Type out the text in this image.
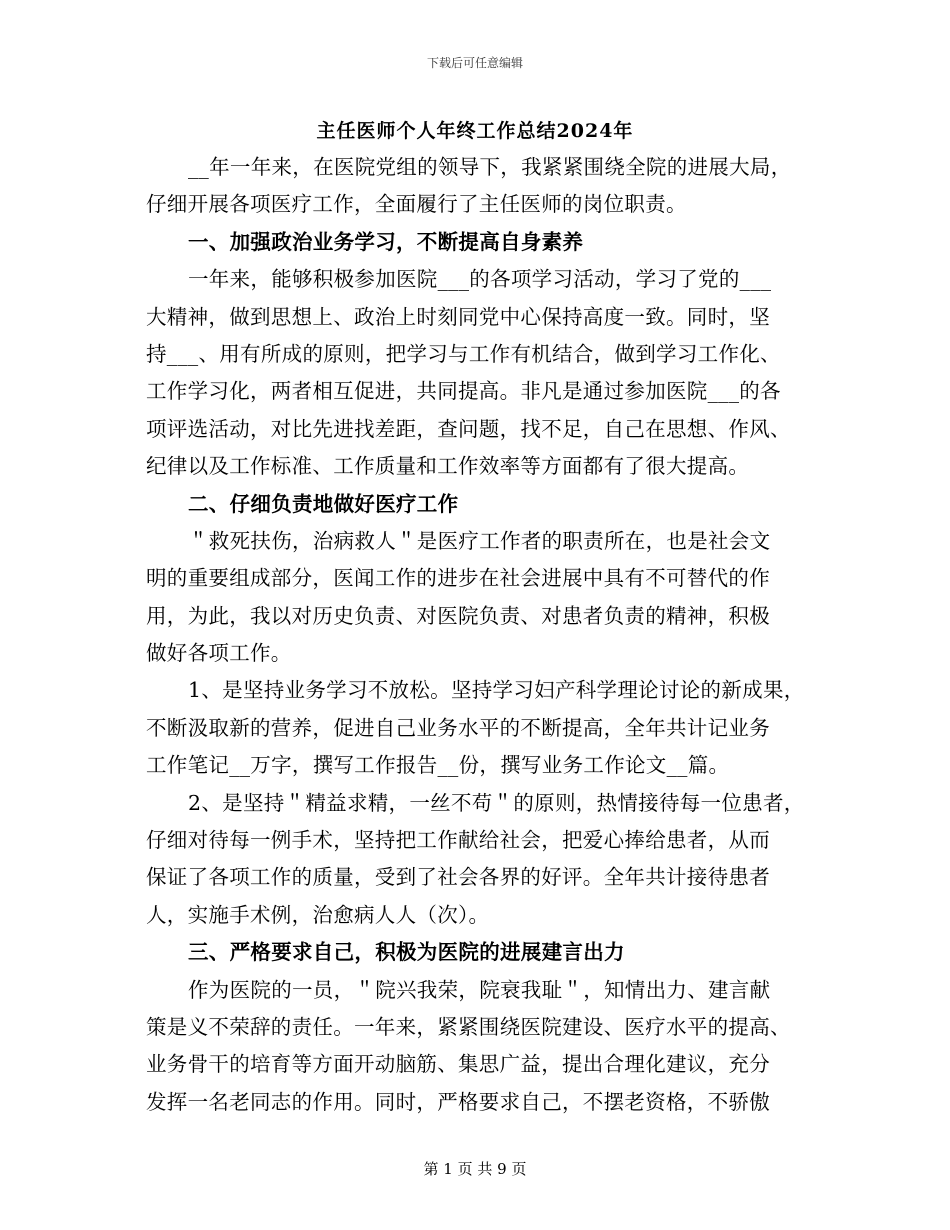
下载后可任意编辑
主任医师个人年终工作总结2024年
__年一年来，在医院党组的领导下，我紧紧围绕全院的进展大局，
仔细开展各项医疗工作，全面履行了主任医师的岗位职责。
一、加强政治业务学习，不断提高自身素养
一年来，能够积极参加医院___的各项学习活动，学习了党的___
大精神，做到思想上、政治上时刻同党中心保持高度一致。同时，坚
持___、用有所成的原则，把学习与工作有机结合，做到学习工作化、
工作学习化，两者相互促进，共同提高。非凡是通过参加医院___的各
项评选活动，对比先进找差距，查问题，找不足，自己在思想、作风、
纪律以及工作标准、工作质量和工作效率等方面都有了很大提高。
二、仔细负责地做好医疗工作
＂救死扶伤，治病救人＂是医疗工作者的职责所在，也是社会文
明的重要组成部分，医闻工作的进步在社会进展中具有不可替代的作
用，为此，我以对历史负责、对医院负责、对患者负责的精神，积极
做好各项工作。
1、是坚持业务学习不放松。坚持学习妇产科学理论讨论的新成果，
不断汲取新的营养，促进自己业务水平的不断提高，全年共计记业务
工作笔记__万字，撰写工作报告__份，撰写业务工作论文__篇。
2、是坚持＂精益求精，一丝不苟＂的原则，热情接待每一位患者，
仔细对待每一例手术，坚持把工作献给社会，把爱心捧给患者，从而
保证了各项工作的质量，受到了社会各界的好评。全年共计接待患者
人，实施手术例，治愈病人人（次）。
三、严格要求自己，积极为医院的进展建言出力
作为医院的一员，＂院兴我荣，院衰我耻＂，知情出力、建言献
策是义不荣辞的责任。一年来，紧紧围绕医院建设、医疗水平的提高、
业务骨干的培育等方面开动脑筋、集思广益，提出合理化建议，充分
发挥一名老同志的作用。同时，严格要求自己，不摆老资格，不骄傲
第 1 页 共 9 页
